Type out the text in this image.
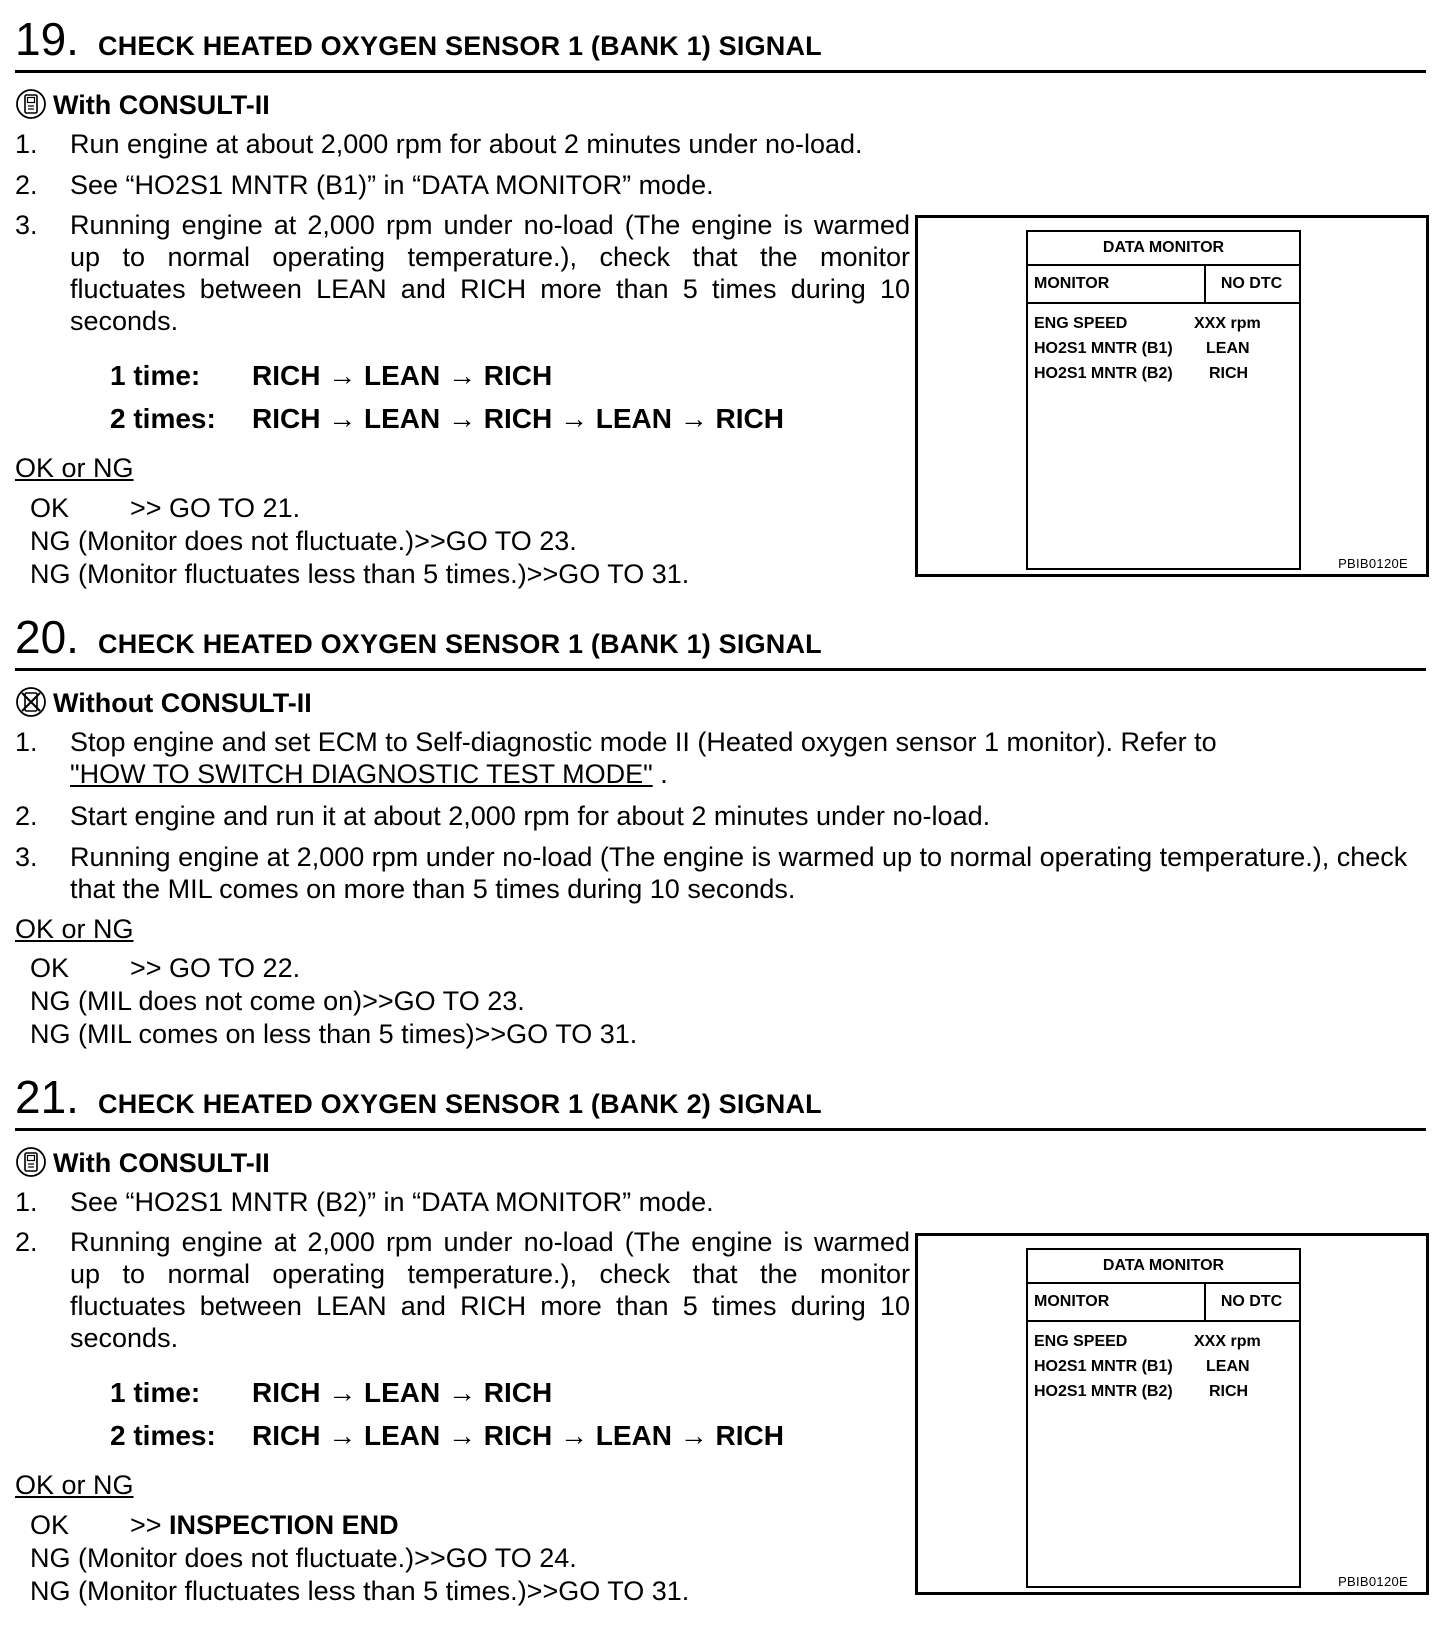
19. CHECK HEATED OXYGEN SENSOR 1 (BANK 1) SIGNAL
With CONSULT-II
1.	Run engine at about 2,000 rpm for about 2 minutes under no-load.
2.	See “HO2S1 MNTR (B1)” in “DATA MONITOR” mode.
3.	Running engine at 2,000 rpm under no-load (The engine is warmed up to normal operating temperature.), check that the monitor fluctuates between LEAN and RICH more than 5 times during 10 seconds.
1 time: RICH → LEAN → RICH
2 times: RICH → LEAN → RICH → LEAN → RICH
OK or NG
OK >> GO TO 21.
NG (Monitor does not fluctuate.)>>GO TO 23.
NG (Monitor fluctuates less than 5 times.)>>GO TO 31.
DATA MONITOR
MONITOR	NO DTC
ENG SPEED	XXX rpm
HO2S1 MNTR (B1) LEAN
HO2S1 MNTR (B2) RICH
PBIB0120E
20. CHECK HEATED OXYGEN SENSOR 1 (BANK 1) SIGNAL
Without CONSULT-II
1.	Stop engine and set ECM to Self-diagnostic mode II (Heated oxygen sensor 1 monitor). Refer to
"HOW TO SWITCH DIAGNOSTIC TEST MODE" .
2.	Start engine and run it at about 2,000 rpm for about 2 minutes under no-load.
3.	Running engine at 2,000 rpm under no-load (The engine is warmed up to normal operating temperature.), check that the MIL comes on more than 5 times during 10 seconds.
OK or NG
OK >> GO TO 22.
NG (MIL does not come on)>>GO TO 23.
NG (MIL comes on less than 5 times)>>GO TO 31.
21. CHECK HEATED OXYGEN SENSOR 1 (BANK 2) SIGNAL
With CONSULT-II
1.	See “HO2S1 MNTR (B2)” in “DATA MONITOR” mode.
2.	Running engine at 2,000 rpm under no-load (The engine is warmed up to normal operating temperature.), check that the monitor fluctuates between LEAN and RICH more than 5 times during 10 seconds.
1 time: RICH → LEAN → RICH
2 times: RICH → LEAN → RICH → LEAN → RICH
OK or NG
OK >> INSPECTION END
NG (Monitor does not fluctuate.)>>GO TO 24.
NG (Monitor fluctuates less than 5 times.)>>GO TO 31.
DATA MONITOR
MONITOR	NO DTC
ENG SPEED	XXX rpm
HO2S1 MNTR (B1) LEAN
HO2S1 MNTR (B2) RICH
PBIB0120E
